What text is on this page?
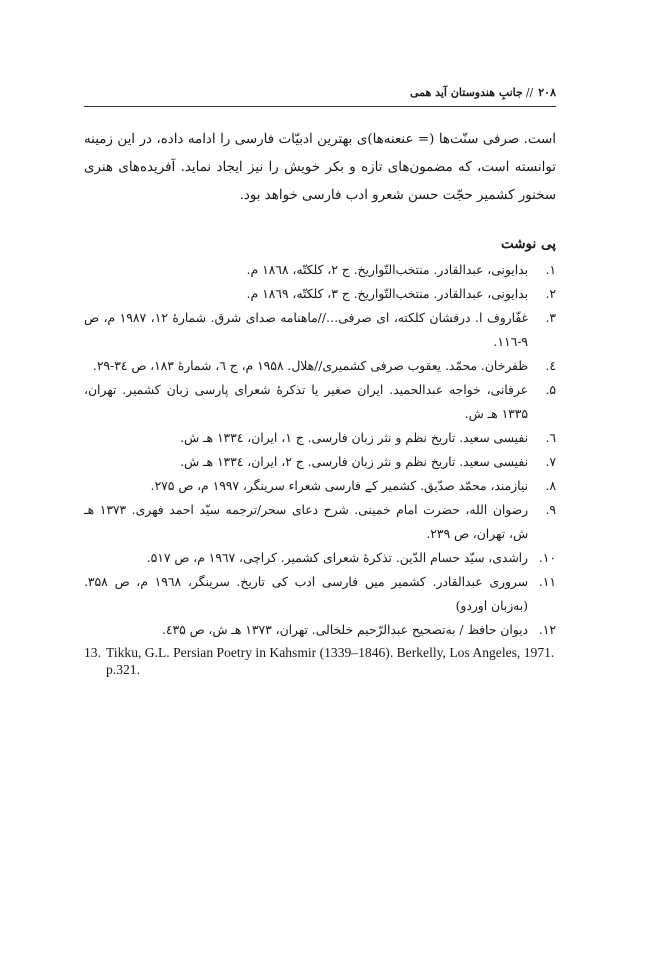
۲۰۸//جانبِ هندوستان آید همی

است. صرفی سنّت‌ها (= عنعنه‌ها)ی بهترین ادبیّات فارسی را ادامه داده، در این زمینه توانسته است، که مضمون‌های تازه و بکر خویش را نیز ایجاد نماید. آفریده‌های هنری سخنور کشمیر حجّت حسن شعرو ادب فارسی خواهد بود.

پی نوشت
۱.
بدایونی، عبدالقادر. منتخب‌التّواریخ. ج ۲، کلکتّه، ۱۸٦۸ م.
۲.
بدایونی، عبدالقادر. منتخب‌التّواریخ. ج ۳، کلکتّه، ۱۸٦۹ م.
۳.
غفّاروف ا. درفشان کلکته، ای صرفی…//ماهنامه صدای شرق. شمارهٔ ۱۲، ۱۹۸۷ م، ص ۹-۱۱٦.
٤.
ظفرخان. محمّد. یعقوب صرفی کشمیری//هلال. ۱۹۵۸ م، ج ٦، شمارهٔ ۱۸۳، ص ۳٤-۲۹.
۵.
عرفانی، خواجه عبدالحمید. ایران صغیر یا تذکرهٔ شعرای پارسی زبان کشمیر. تهران، ۱۳۳۵ هـ ش.
٦.
نفیسی سعید. تاریخ نظم و نثر زبان فارسی. ج ۱، ایران، ۱۳۳٤ هـ ش.
۷.
نفیسی سعید. تاریخ نظم و نثر زبان فارسی. ج ۲، ایران، ۱۳۳٤ هـ ش.
۸.
نیازمند، محمّد صدّیق. کشمیر کے فارسی شعراء سرینگر، ۱۹۹۷ م، ص ۲۷۵.
۹.
رضوان الله، حضرت امام خمینی. شرح دعای سحر/ترجمه سیّد احمد فهری. ۱۳۷۳ هـ ش، تهران، ص ۲۳۹.
۱۰.
راشدی، سیّد حسام الدّین. تذکرهٔ شعرای کشمیر. کراچی، ۱۹٦۷ م، ص ۵۱۷.
۱۱.
سروری عبدالقادر. کشمیر میں فارسی ادب کی تاریخ. سرینگر، ۱۹٦۸ م، ص ۳۵۸. (به‌زبان اوردو)
۱۲.
دیوان حافظ / به‌تصحیح عبدالرّحیم خلخالی. تهران، ۱۳۷۳ هـ ش، ص ٤۳۵.
13. Tikku, G.L. Persian Poetry in Kahsmir (1339–1846). Berkelly, Los Angeles, 1971. p.321.
